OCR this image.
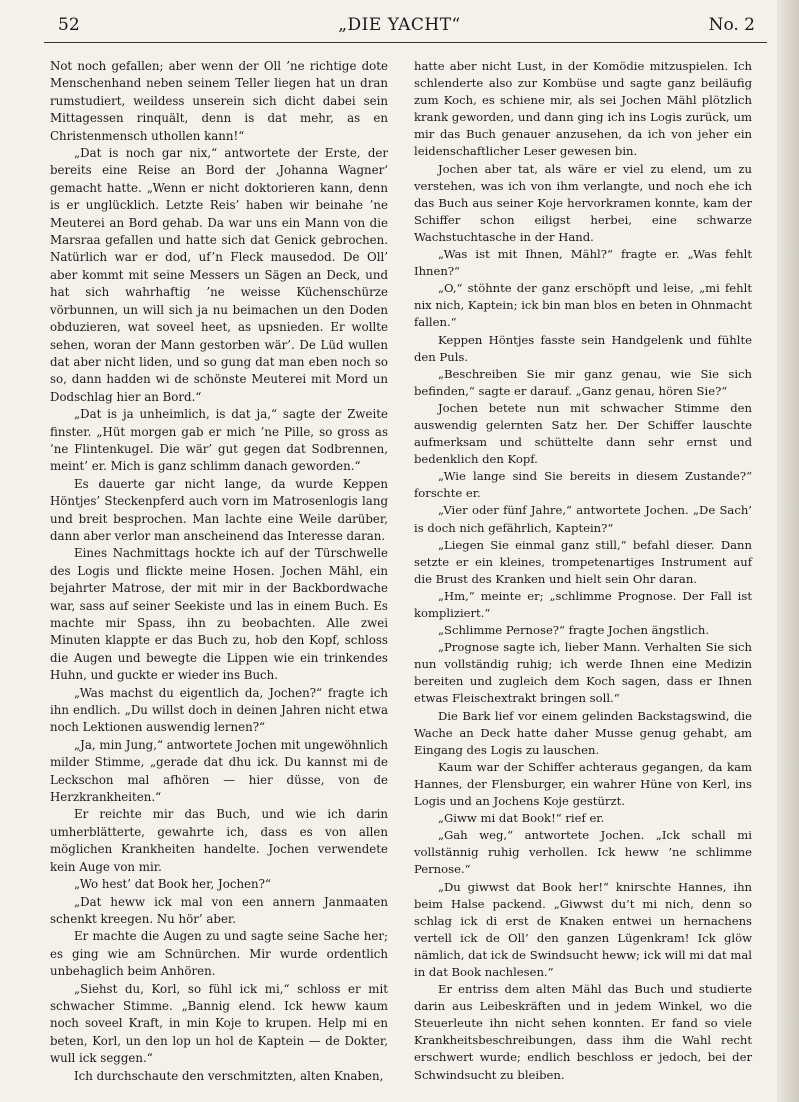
52	„DIE YACHT“	No. 2

Not noch gefallen; aber wenn der Oll ’ne richtige dote Menschenhand neben seinem Teller liegen hat un dran rumstudiert, weildess unserein sich dicht dabei sein Mittagessen rinquält, denn is dat mehr, as en Christenmensch uthollen kann!“

„Dat is noch gar nix,“ antwortete der Erste, der bereits eine Reise an Bord der ‚Johanna Wagner‘ gemacht hatte. „Wenn er nicht doktorieren kann, denn is er unglücklich. Letzte Reis’ haben wir beinahe ’ne Meuterei an Bord gehab. Da war uns ein Mann von die Marsraa gefallen und hatte sich dat Genick gebrochen. Natürlich war er dod, uf’n Fleck mausedod. De Oll’ aber kommt mit seine Messers un Sägen an Deck, und hat sich wahrhaftig ’ne weisse Küchenschürze vörbunnen, un will sich ja nu beimachen un den Doden obduzieren, wat soveel heet, as upsnieden. Er wollte sehen, woran der Mann gestorben wär’. De Lüd wullen dat aber nicht liden, und so gung dat man eben noch so so, dann hadden wi de schönste Meuterei mit Mord un Dodschlag hier an Bord.“

„Dat is ja unheimlich, is dat ja,“ sagte der Zweite finster. „Hüt morgen gab er mich ’ne Pille, so gross as ’ne Flintenkugel. Die wär’ gut gegen dat Sodbrennen, meint’ er. Mich is ganz schlimm danach geworden.“

Es dauerte gar nicht lange, da wurde Keppen Höntjes’ Steckenpferd auch vorn im Matrosenlogis lang und breit besprochen. Man lachte eine Weile darüber, dann aber verlor man anscheinend das Interesse daran.

Eines Nachmittags hockte ich auf der Türschwelle des Logis und flickte meine Hosen. Jochen Mähl, ein bejahrter Matrose, der mit mir in der Backbordwache war, sass auf seiner Seekiste und las in einem Buch. Es machte mir Spass, ihn zu beobachten. Alle zwei Minuten klappte er das Buch zu, hob den Kopf, schloss die Augen und bewegte die Lippen wie ein trinkendes Huhn, und guckte er wieder ins Buch.

„Was machst du eigentlich da, Jochen?“ fragte ich ihn endlich. „Du willst doch in deinen Jahren nicht etwa noch Lektionen auswendig lernen?“

„Ja, min Jung,“ antwortete Jochen mit ungewöhnlich milder Stimme, „gerade dat dhu ick. Du kannst mi de Leckschon mal afhören — hier düsse, von de Herzkrankheiten.“

Er reichte mir das Buch, und wie ich darin umherblätterte, gewahrte ich, dass es von allen möglichen Krankheiten handelte. Jochen verwendete kein Auge von mir.

„Wo hest’ dat Book her, Jochen?“

„Dat heww ick mal von een annern Janmaaten schenkt kreegen. Nu hör’ aber.

Er machte die Augen zu und sagte seine Sache her; es ging wie am Schnürchen. Mir wurde ordentlich unbehaglich beim Anhören.

„Siehst du, Korl, so fühl ick mi,“ schloss er mit schwacher Stimme. „Bannig elend. Ick heww kaum noch soveel Kraft, in min Koje to krupen. Help mi en beten, Korl, un den lop un hol de Kaptein — de Dokter, wull ick seggen.“

Ich durchschaute den verschmitzten, alten Knaben,

hatte aber nicht Lust, in der Komödie mitzuspielen. Ich schlenderte also zur Kombüse und sagte ganz beiläufig zum Koch, es schiene mir, als sei Jochen Mähl plötzlich krank geworden, und dann ging ich ins Logis zurück, um mir das Buch genauer anzusehen, da ich von jeher ein leidenschaftlicher Leser gewesen bin.

Jochen aber tat, als wäre er viel zu elend, um zu verstehen, was ich von ihm verlangte, und noch ehe ich das Buch aus seiner Koje hervorkramen konnte, kam der Schiffer schon eiligst herbei, eine schwarze Wachstuchtasche in der Hand.

„Was ist mit Ihnen, Mähl?“ fragte er. „Was fehlt Ihnen?“

„O,“ stöhnte der ganz erschöpft und leise, „mi fehlt nix nich, Kaptein; ick bin man blos en beten in Ohnmacht fallen.“

Keppen Höntjes fasste sein Handgelenk und fühlte den Puls.

„Beschreiben Sie mir ganz genau, wie Sie sich befinden,“ sagte er darauf. „Ganz genau, hören Sie?“

Jochen betete nun mit schwacher Stimme den auswendig gelernten Satz her. Der Schiffer lauschte aufmerksam und schüttelte dann sehr ernst und bedenklich den Kopf.

„Wie lange sind Sie bereits in diesem Zustande?“ forschte er.

„Vier oder fünf Jahre,“ antwortete Jochen. „De Sach’ is doch nich gefährlich, Kaptein?“

„Liegen Sie einmal ganz still,“ befahl dieser. Dann setzte er ein kleines, trompetenartiges Instrument auf die Brust des Kranken und hielt sein Ohr daran.

„Hm,“ meinte er; „schlimme Prognose. Der Fall ist kompliziert.“

„Schlimme Pernose?“ fragte Jochen ängstlich.

„Prognose sagte ich, lieber Mann. Verhalten Sie sich nun vollständig ruhig; ich werde Ihnen eine Medizin bereiten und zugleich dem Koch sagen, dass er Ihnen etwas Fleischextrakt bringen soll.“

Die Bark lief vor einem gelinden Backstagswind, die Wache an Deck hatte daher Musse genug gehabt, am Eingang des Logis zu lauschen.

Kaum war der Schiffer achteraus gegangen, da kam Hannes, der Flensburger, ein wahrer Hüne von Kerl, ins Logis und an Jochens Koje gestürzt.

„Giww mi dat Book!“ rief er.

„Gah weg,“ antwortete Jochen. „Ick schall mi vollstännig ruhig verhollen. Ick heww ’ne schlimme Pernose.“

„Du giwwst dat Book her!“ knirschte Hannes, ihn beim Halse packend. „Giwwst du’t mi nich, denn so schlag ick di erst de Knaken entwei un hernachens vertell ick de Oll’ den ganzen Lügenkram! Ick glöw nämlich, dat ick de Swindsucht heww; ick will mi dat mal in dat Book nachlesen.“

Er entriss dem alten Mähl das Buch und studierte darin aus Leibeskräften und in jedem Winkel, wo die Steuerleute ihn nicht sehen konnten. Er fand so viele Krankheitsbeschreibungen, dass ihm die Wahl recht erschwert wurde; endlich beschloss er jedoch, bei der Schwindsucht zu bleiben.
